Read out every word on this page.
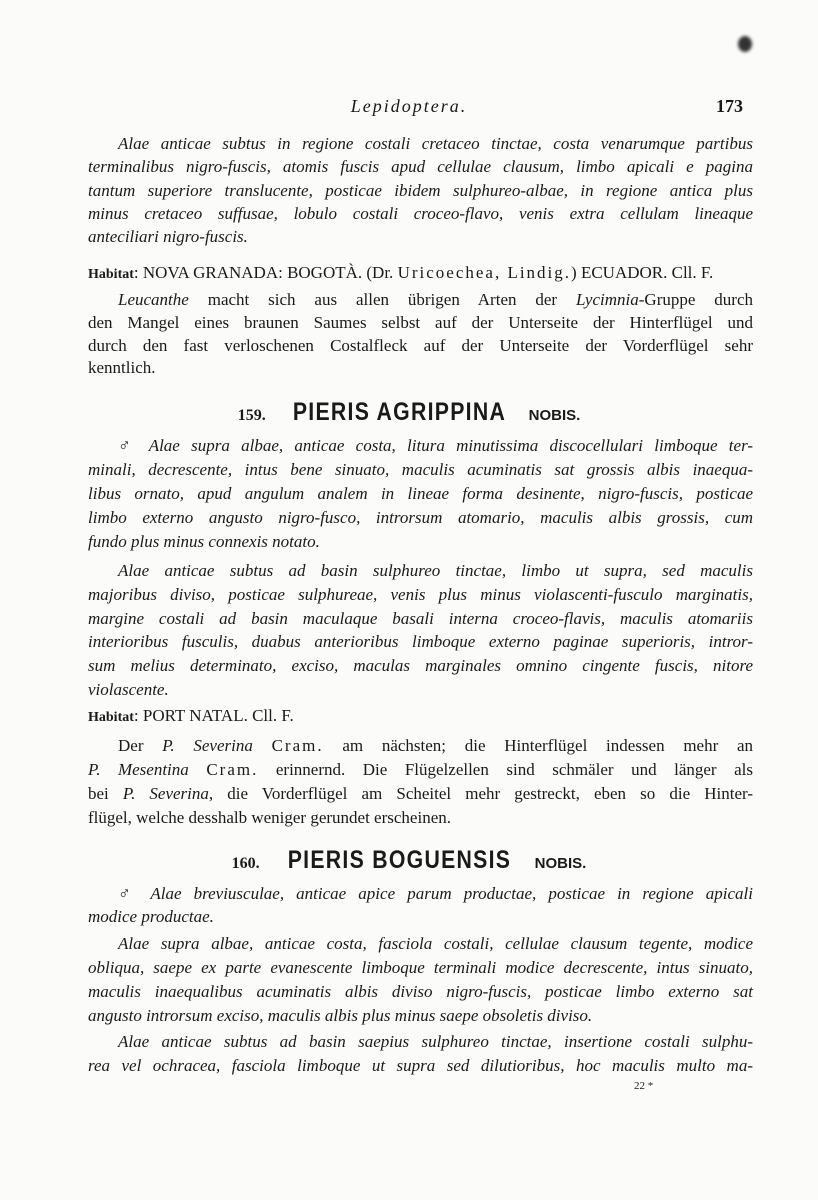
Lepidoptera.	173
159. PIERIS AGRIPPINA NOBIS.
160. PIERIS BOGUENSIS NOBIS.
Alae anticae subtus in regione costali cretaceo tinctae, costa venarumque partibus
terminalibus nigro-fuscis, atomis fuscis apud cellulae clausum, limbo apicali e pagina
tantum superiore translucente, posticae ibidem sulphureo-albae, in regione antica plus
minus cretaceo suffusae, lobulo costali croceo-flavo, venis extra cellulam lineaque
anteciliari nigro-fuscis.
Habitat: NOVA GRANADA: BOGOTÀ. (Dr. Uricoechea, Lindig.) ECUADOR. Cll. F.
Leucanthe macht sich aus allen übrigen Arten der Lycimnia-Gruppe durch
den Mangel eines braunen Saumes selbst auf der Unterseite der Hinterflügel und
durch den fast verloschenen Costalfleck auf der Unterseite der Vorderflügel sehr
kenntlich.
♂ Alae supra albae, anticae costa, litura minutissima discocellulari limboque ter-
minali, decrescente, intus bene sinuato, maculis acuminatis sat grossis albis inaequa-
libus ornato, apud angulum analem in lineae forma desinente, nigro-fuscis, posticae
limbo externo angusto nigro-fusco, introrsum atomario, maculis albis grossis, cum
fundo plus minus connexis notato.
Alae anticae subtus ad basin sulphureo tinctae, limbo ut supra, sed maculis
majoribus diviso, posticae sulphureae, venis plus minus violascenti-fusculo marginatis,
margine costali ad basin maculaque basali interna croceo-flavis, maculis atomariis
interioribus fusculis, duabus anterioribus limboque externo paginae superioris, intror-
sum melius determinato, exciso, maculas marginales omnino cingente fuscis, nitore
violascente.
Habitat: PORT NATAL. Cll. F.
Der P. Severina Cram. am nächsten; die Hinterflügel indessen mehr an
P. Mesentina Cram. erinnernd. Die Flügelzellen sind schmäler und länger als
bei P. Severina, die Vorderflügel am Scheitel mehr gestreckt, eben so die Hinter-
flügel, welche desshalb weniger gerundet erscheinen.
♂ Alae breviusculae, anticae apice parum productae, posticae in regione apicali
modice productae.
Alae supra albae, anticae costa, fasciola costali, cellulae clausum tegente, modice
obliqua, saepe ex parte evanescente limboque terminali modice decrescente, intus sinuato,
maculis inaequalibus acuminatis albis diviso nigro-fuscis, posticae limbo externo sat
angusto introrsum exciso, maculis albis plus minus saepe obsoletis diviso.
Alae anticae subtus ad basin saepius sulphureo tinctae, insertione costali sulphu-
rea vel ochracea, fasciola limboque ut supra sed dilutioribus, hoc maculis multo ma-
22 *
